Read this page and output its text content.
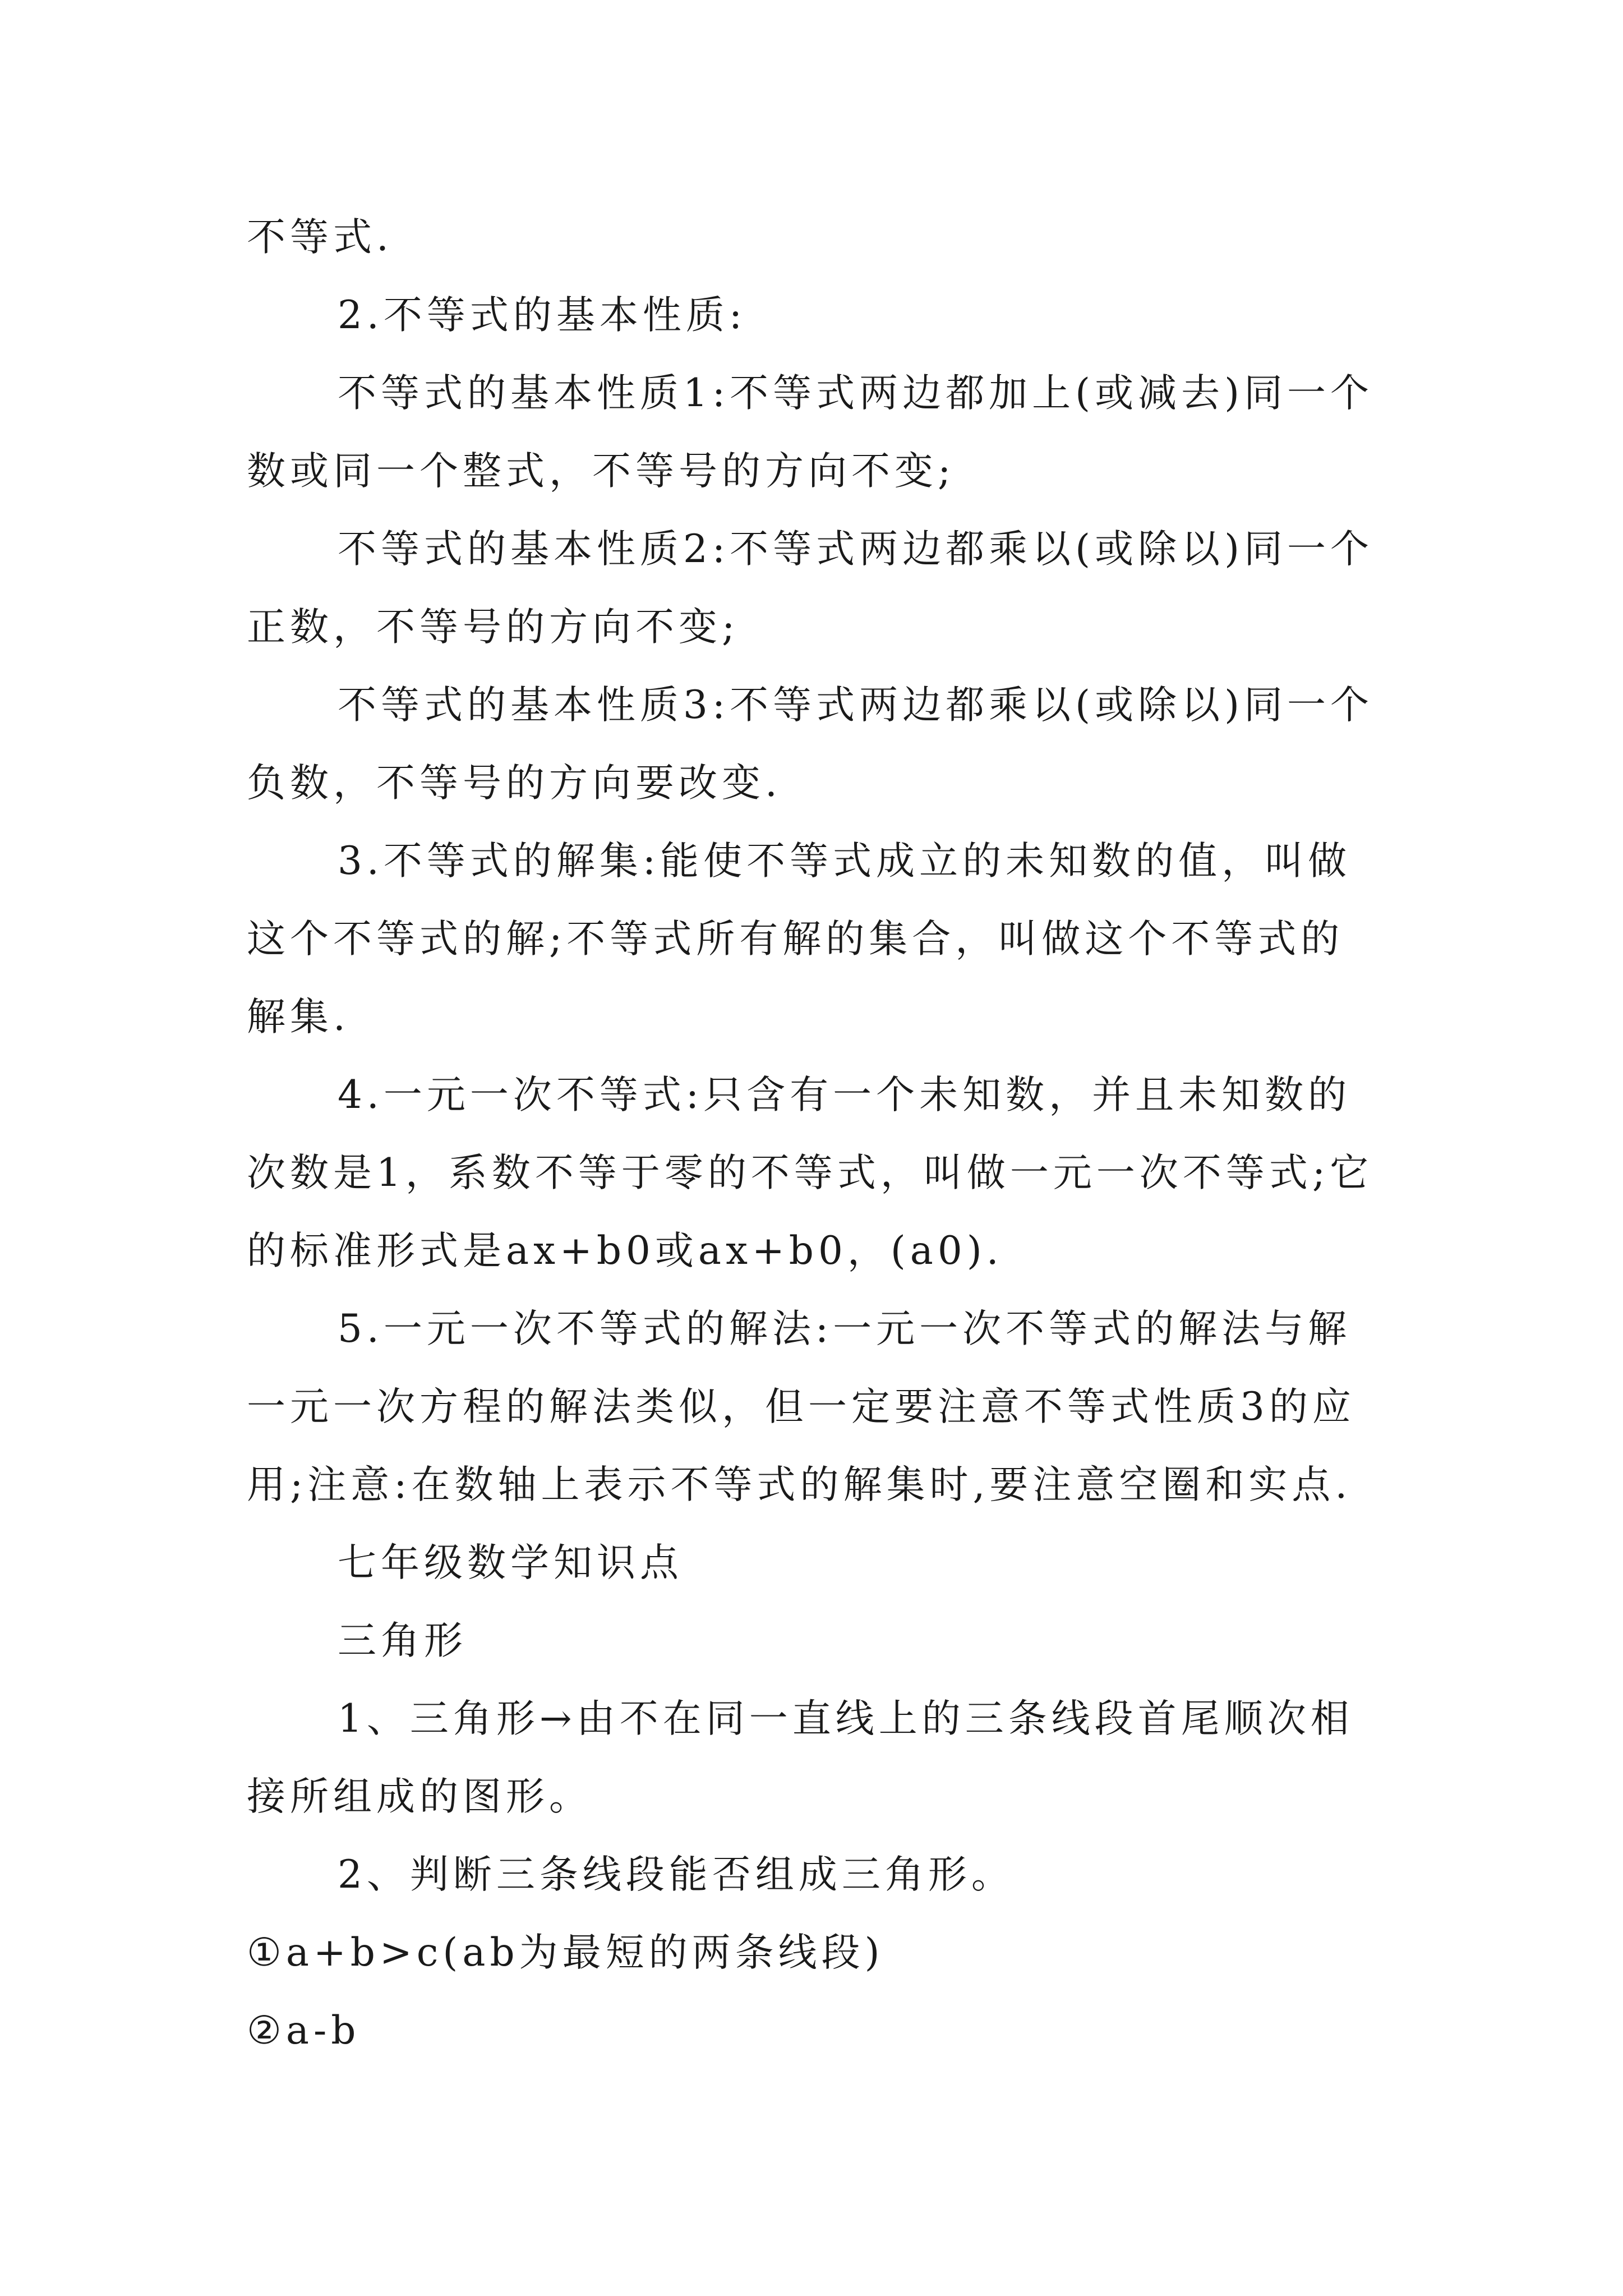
不等式.
2.不等式的基本性质:
不等式的基本性质1:不等式两边都加上(或减去)同一个
数或同一个整式，不等号的方向不变;
不等式的基本性质2:不等式两边都乘以(或除以)同一个
正数，不等号的方向不变;
不等式的基本性质3:不等式两边都乘以(或除以)同一个
负数，不等号的方向要改变.
3.不等式的解集:能使不等式成立的未知数的值，叫做
这个不等式的解;不等式所有解的集合，叫做这个不等式的
解集.
4.一元一次不等式:只含有一个未知数，并且未知数的
次数是1，系数不等于零的不等式，叫做一元一次不等式;它
的标准形式是ax+b0或ax+b0，(a0).
5.一元一次不等式的解法:一元一次不等式的解法与解
一元一次方程的解法类似，但一定要注意不等式性质3的应
用;注意:在数轴上表示不等式的解集时,要注意空圈和实点.
七年级数学知识点
三角形
1、三角形→由不在同一直线上的三条线段首尾顺次相
接所组成的图形。
2、判断三条线段能否组成三角形。
①a+b>c(ab为最短的两条线段)
②a-b
